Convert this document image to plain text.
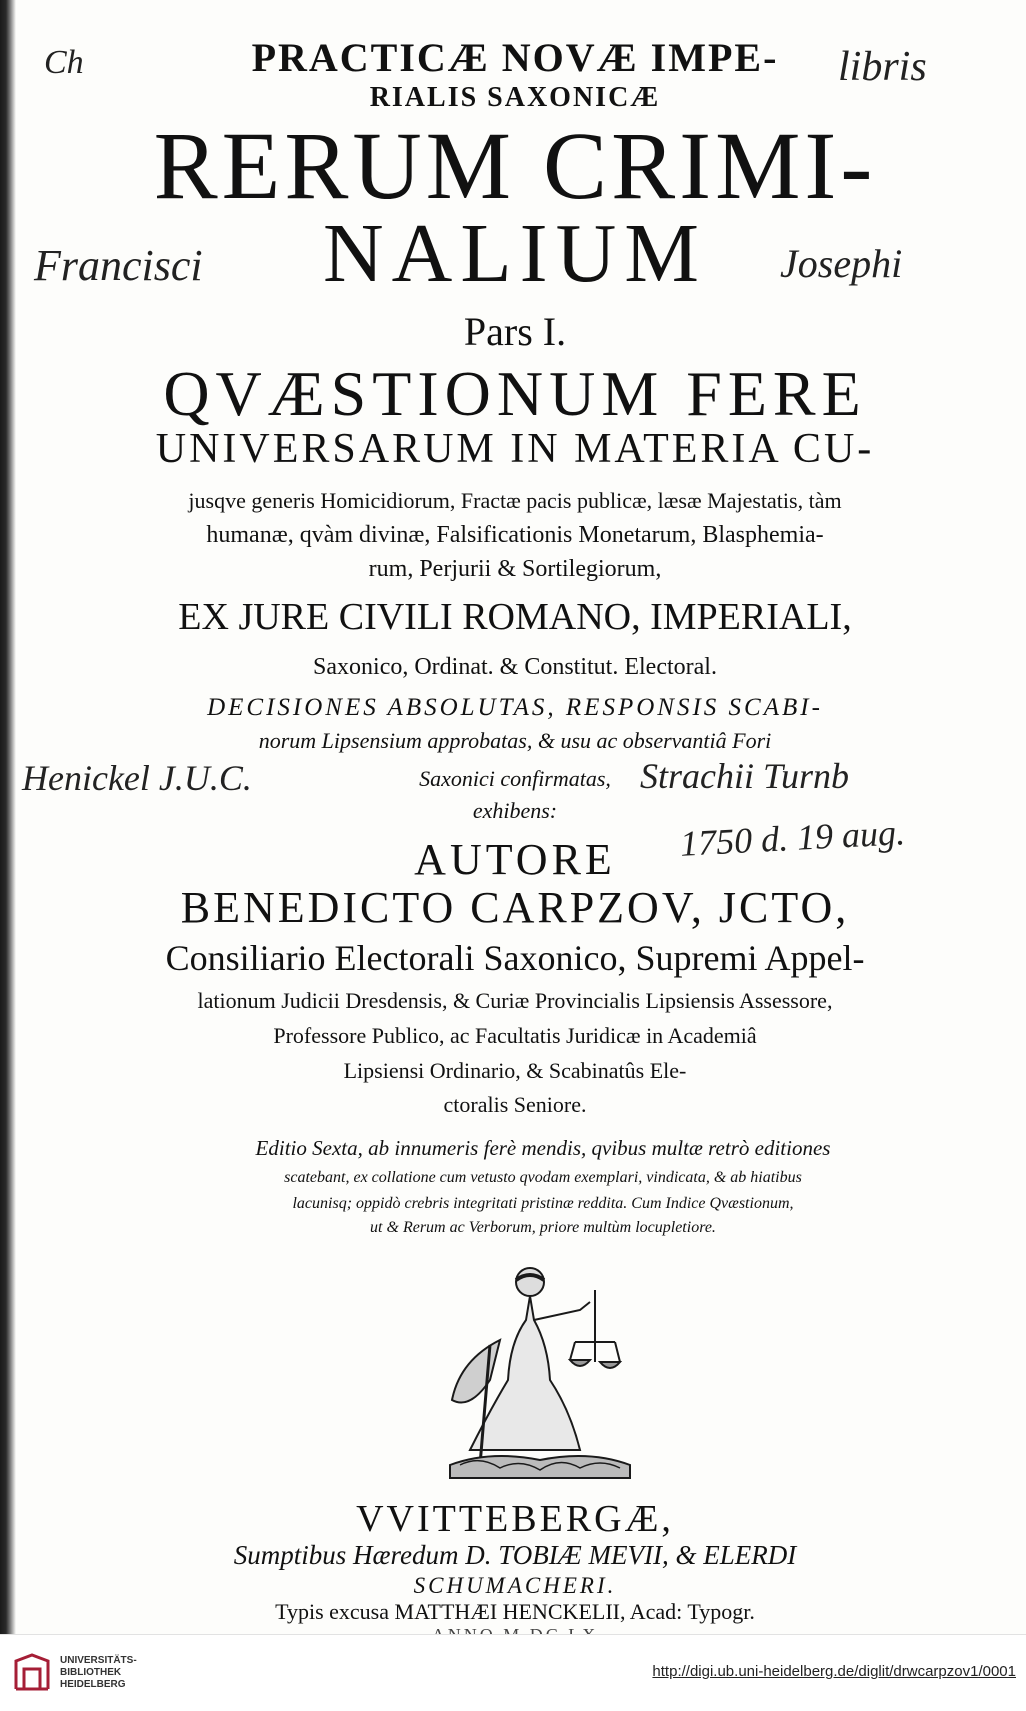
PRACTICÆ NOVÆ IMPE-

RIALIS SAXONICÆ

RERUM CRIMI-

NALIUM

Pars I.

QVÆSTIONUM FERE

UNIVERSARUM IN MATERIA CU-

jusqve generis Homicidiorum, Fractæ pacis publicæ, læsæ Majestatis, tàm

humanæ, qvàm divinæ, Falsificationis Monetarum, Blasphemia-

rum, Perjurii & Sortilegiorum,

EX JURE CIVILI ROMANO, IMPERIALI,

Saxonico, Ordinat. & Constitut. Electoral.

DECISIONES ABSOLUTAS, RESPONSIS SCABI-

norum Lipsensium approbatas, & usu ac observantiâ Fori

Saxonici confirmatas,

exhibens:

AUTORE

BENEDICTO CARPZOV, JCTO,

Consiliario Electorali Saxonico, Supremi Appel-

lationum Judicii Dresdensis, & Curiæ Provincialis Lipsiensis Assessore,

Professore Publico, ac Facultatis Juridicæ in Academiâ

Lipsiensi Ordinario, & Scabinatûs Ele-

ctoralis Seniore.

Editio Sexta, ab innumeris ferè mendis, qvibus multæ retrò editiones

scatebant, ex collatione cum vetusto qvodam exemplari, vindicata, & ab hiatibus

lacunisq; oppidò crebris integritati pristinæ reddita. Cum Indice Qvæstionum,

ut & Rerum ac Verborum, priore multùm locupletiore.

VVITTEBERGÆ,

Sumptibus Hæredum D. TOBIÆ MEVII, & ELERDI

SCHUMACHERI.

Typis excusa MATTHÆI HENCKELII, Acad: Typogr.

Ch	libris
Francisci	Josephi
Henickel J.U.C.	Strachii Turnb
1750 d. 19 aug.
UNIVERSITÄTS-
BIBLIOTHEK
HEIDELBERG
http://digi.ub.uni-heidelberg.de/diglit/drwcarpzov1/0001
